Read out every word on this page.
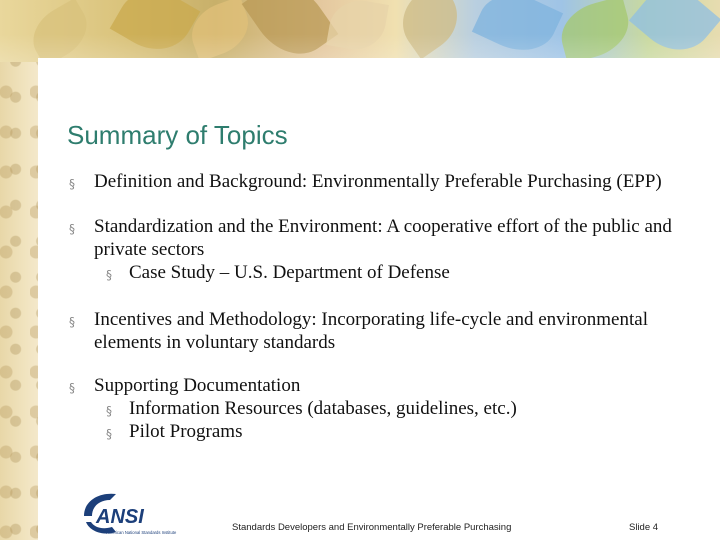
Summary of Topics
§ Definition and Background: Environmentally Preferable Purchasing (EPP)
§ Standardization and the Environment: A cooperative effort of the public and private sectors
§ Case Study – U.S. Department of Defense
§ Incentives and Methodology: Incorporating life-cycle and environmental elements in voluntary standards
§ Supporting Documentation
§ Information Resources (databases, guidelines, etc.)
§ Pilot Programs
ANSI
American National Standards Institute	Standards Developers and Environmentally Preferable Purchasing	Slide 4
